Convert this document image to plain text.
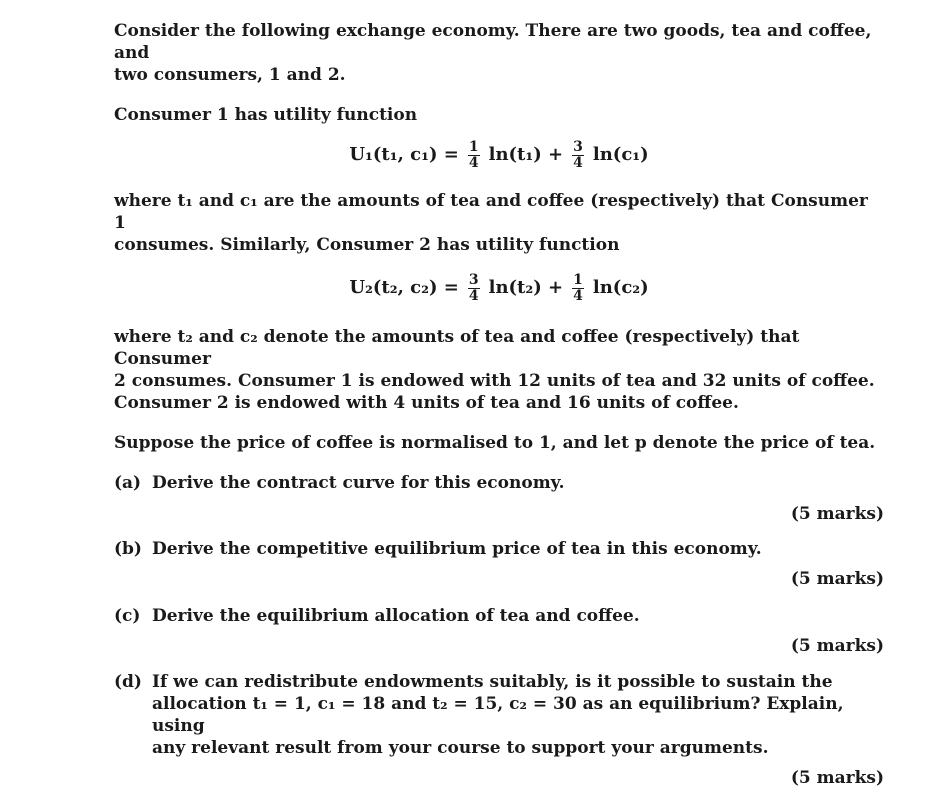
Consider the following exchange economy. There are two goods, tea and coffee, and

two consumers, 1 and 2.

Consumer 1 has utility function

U₁(t₁, $c_1) = \frac{1}{4} \ln(t_1) + \frac{3}{4} \ln(c_1)$

where t₁ and c₁ are the amounts of tea and coffee (respectively) that Consumer 1

consumes. Similarly, Consumer 2 has utility function

U₂(t₂, $c_2) = \frac{3}{4} \ln(t_2) + \frac{1}{4} \ln(c_2)$

where t₂ and c₂ denote the amounts of tea and coffee (respectively) that Consumer

2 consumes. Consumer 1 is endowed with 12 units of tea and 32 units of coffee.

Consumer 2 is endowed with 4 units of tea and 16 units of coffee.

Suppose the price of coffee is normalised to 1, and let p denote the price of tea.

(a) Derive the contract curve for this economy.
(5 marks)
(b) Derive the competitive equilibrium price of tea in this economy.
(5 marks)
(c) Derive the equilibrium allocation of tea and coffee.
(5 marks)
(d) If we can redistribute endowments suitably, is it possible to sustain the
allocation t₁ = 1, c₁ = 18 and t₂ = 15, c₂ = 30 as an equilibrium? Explain, using
any relevant result from your course to support your arguments.
(5 marks)
